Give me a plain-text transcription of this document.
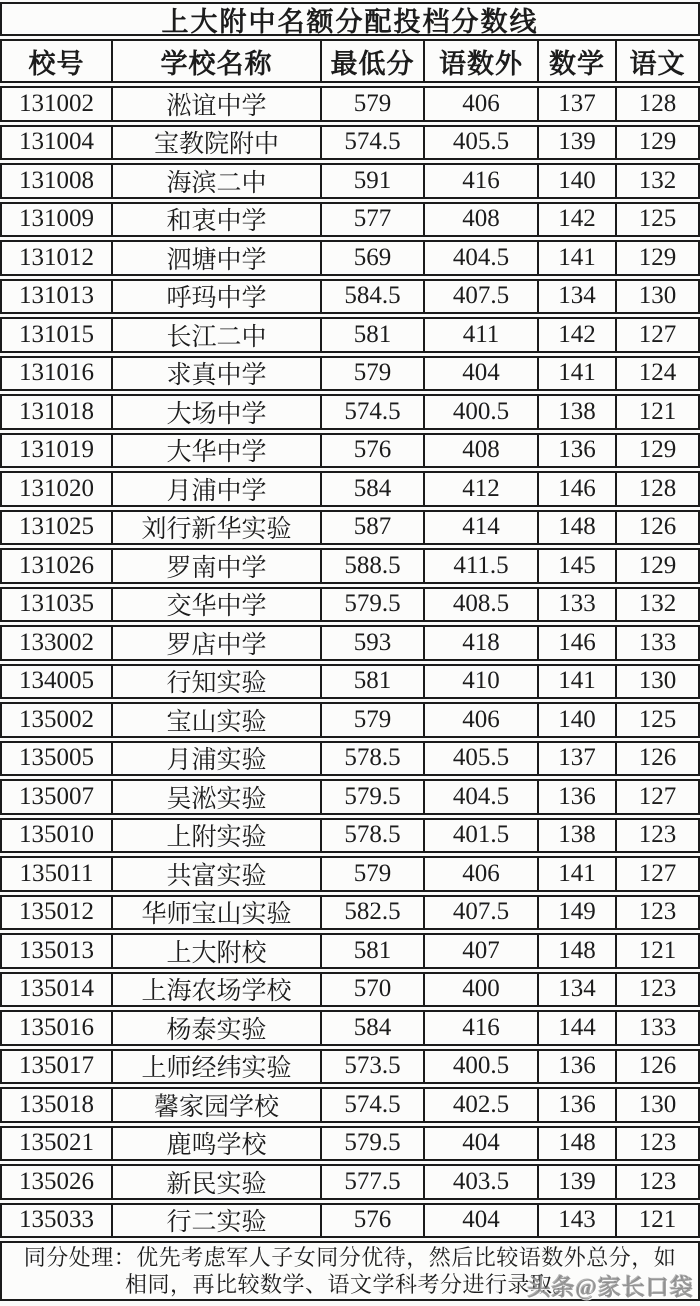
上大附中名额分配投档分数线
校号	学校名称	最低分 语数外 数学 语文
131002	淞谊中学	579	406	137	128
131004	宝教院附中	574.5	405.5	139	129
131008	海滨二中	591	416	140	132
131009	和衷中学	577	408	142	125
131012	泗塘中学	569	404.5	141	129
131013	呼玛中学	584.5	407.5	134	130
131015	长江二中	581	411	142	127
131016	求真中学	579	404	141	124
131018	大场中学	574.5	400.5	138	121
131019	大华中学	576	408	136	129
131020	月浦中学	584	412	146	128
131025	刘行新华实验	587	414	148	126
131026	罗南中学	588.5	411.5	145	129
131035	交华中学	579.5	408.5	133	132
133002	罗店中学	593	418	146	133
134005	行知实验	581	410	141	130
135002	宝山实验	579	406	140	125
135005	月浦实验	578.5	405.5	137	126
135007	吴淞实验	579.5	404.5	136	127
135010	上附实验	578.5	401.5	138	123
135011	共富实验	579	406	141	127
135012	华师宝山实验	582.5	407.5	149	123
135013	上大附校	581	407	148	121
135014	上海农场学校	570	400	134	123
135016	杨泰实验	584	416	144	133
135017	上师经纬实验	573.5	400.5	136	126
135018	馨家园学校	574.5	402.5	136	130
135021	鹿鸣学校	579.5	404	148	123
135026	新民实验	577.5	403.5	139	123
135033	行二实验	576	404	143	121
同分处理：优先考虑军人子女同分优待，然后比较语数外总分，如
相同，再比较数学、语文学科考分进行录取。
头条@家长口袋
